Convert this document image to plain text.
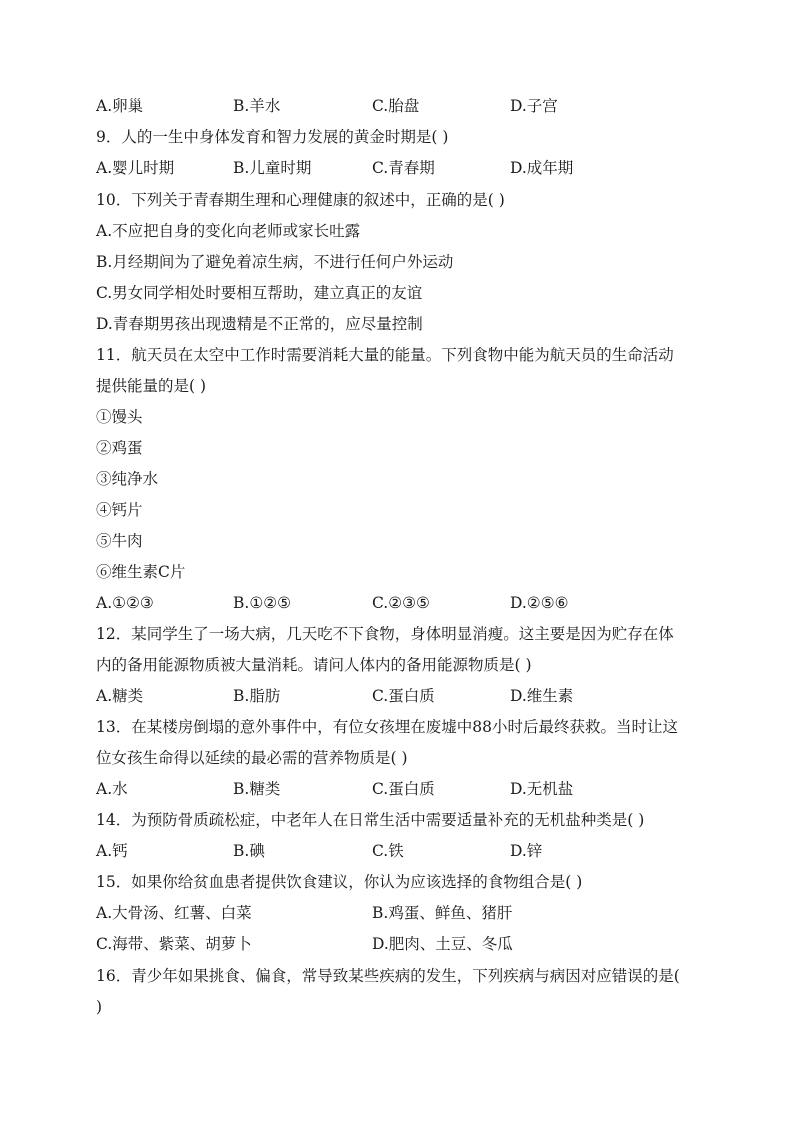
A.卵巢	B.羊水	C.胎盘	D.子宫
9．人的一生中身体发育和智力发展的黄金时期是( )
A.婴儿时期	B.儿童时期	C.青春期	D.成年期
10．下列关于青春期生理和心理健康的叙述中，正确的是( )
A.不应把自身的变化向老师或家长吐露
B.月经期间为了避免着凉生病，不进行任何户外运动
C.男女同学相处时要相互帮助，建立真正的友谊
D.青春期男孩出现遗精是不正常的，应尽量控制
11．航天员在太空中工作时需要消耗大量的能量。下列食物中能为航天员的生命活动
提供能量的是( )
①馒头
②鸡蛋
③纯净水
④钙片
⑤牛肉
⑥维生素C片
A.①②③	B.①②⑤	C.②③⑤	D.②⑤⑥
12．某同学生了一场大病，几天吃不下食物，身体明显消瘦。这主要是因为贮存在体
内的备用能源物质被大量消耗。请问人体内的备用能源物质是( )
A.糖类	B.脂肪	C.蛋白质	D.维生素
13．在某楼房倒塌的意外事件中，有位女孩埋在废墟中88小时后最终获救。当时让这
位女孩生命得以延续的最必需的营养物质是( )
A.水	B.糖类	C.蛋白质	D.无机盐
14．为预防骨质疏松症，中老年人在日常生活中需要适量补充的无机盐种类是( )
A.钙	B.碘	C.铁	D.锌
15．如果你给贫血患者提供饮食建议，你认为应该选择的食物组合是( )
A.大骨汤、红薯、白菜	B.鸡蛋、鲜鱼、猪肝
C.海带、紫菜、胡萝卜	D.肥肉、土豆、冬瓜
16．青少年如果挑食、偏食，常导致某些疾病的发生，下列疾病与病因对应错误的是(
)
